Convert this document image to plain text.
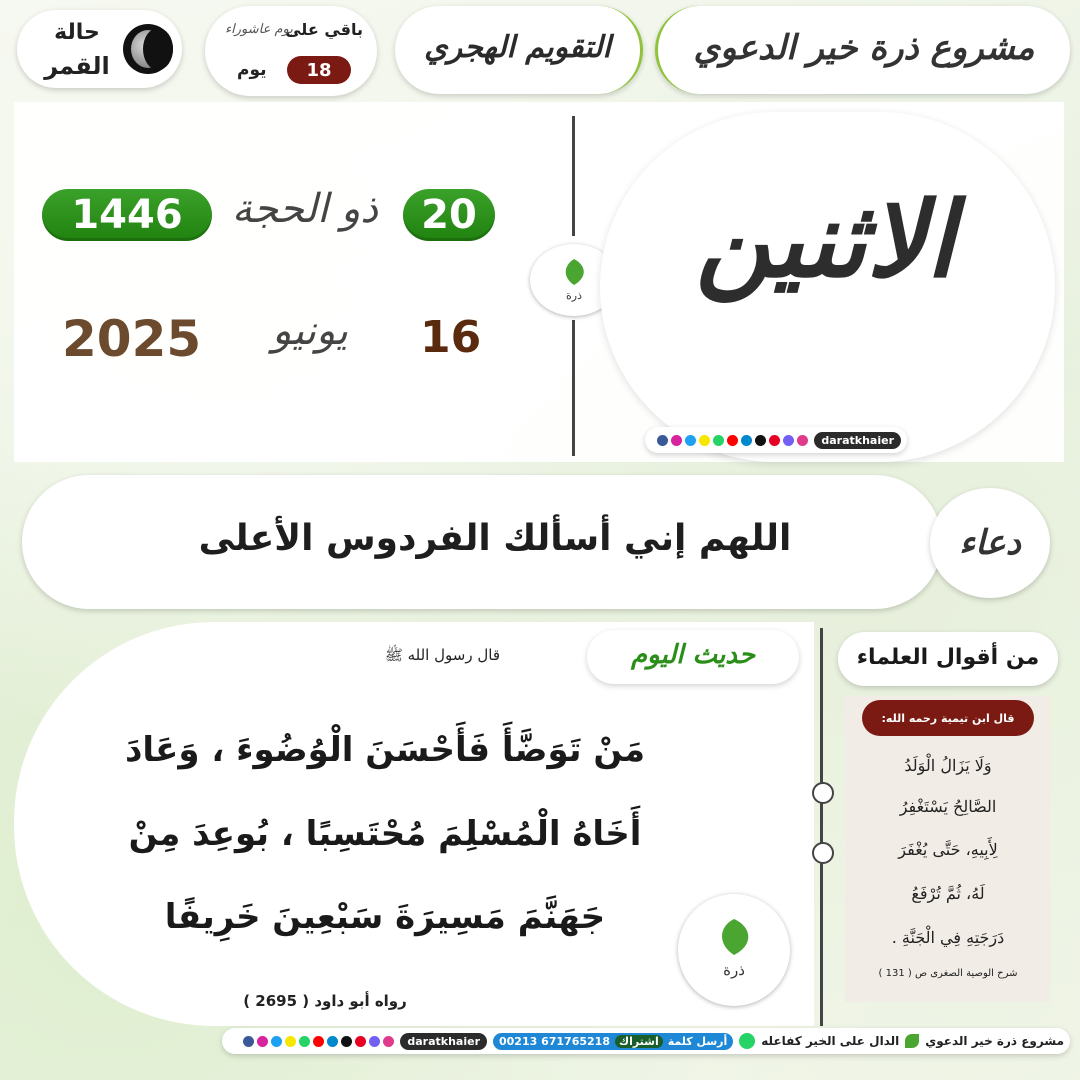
حالة
القمر
باقي على
يوم عاشوراء
18
يوم
التقويم الهجري	مشروع ذرة خير الدعوي
1446 ذو الحجة 20
2025	يونيو	16
ذرة	الاثنين
daratkhaier
اللهم إني أسألك الفردوس الأعلى	دعاء
حديث اليوم
قال رسول الله ﷺ
مَنْ تَوَضَّأَ فَأَحْسَنَ الْوُضُوءَ ، وَعَادَ
أَخَاهُ الْمُسْلِمَ مُحْتَسِبًا ، بُوعِدَ مِنْ
جَهَنَّمَ مَسِيرَةَ سَبْعِينَ خَرِيفًا
رواه أبو داود ( 2695 )
ذرة
من أقوال العلماء
قال ابن تيمية رحمه الله:
وَلَا يَزَالُ الْوَلَدُ
الصَّالِحُ يَسْتَغْفِرُ
لِأَبِيهِ، حَتَّى يُغْفَرَ
لَهُ، ثُمَّ تُرْفَعُ
دَرَجَتِهِ فِي الْجَنَّةِ .
شرح الوصية الصغرى ص ( 131 )
daratkhaier	00213 671765218 اشتراك أرسل كلمة	الدال على الخير كفاعله مشروع ذرة خير الدعوي
